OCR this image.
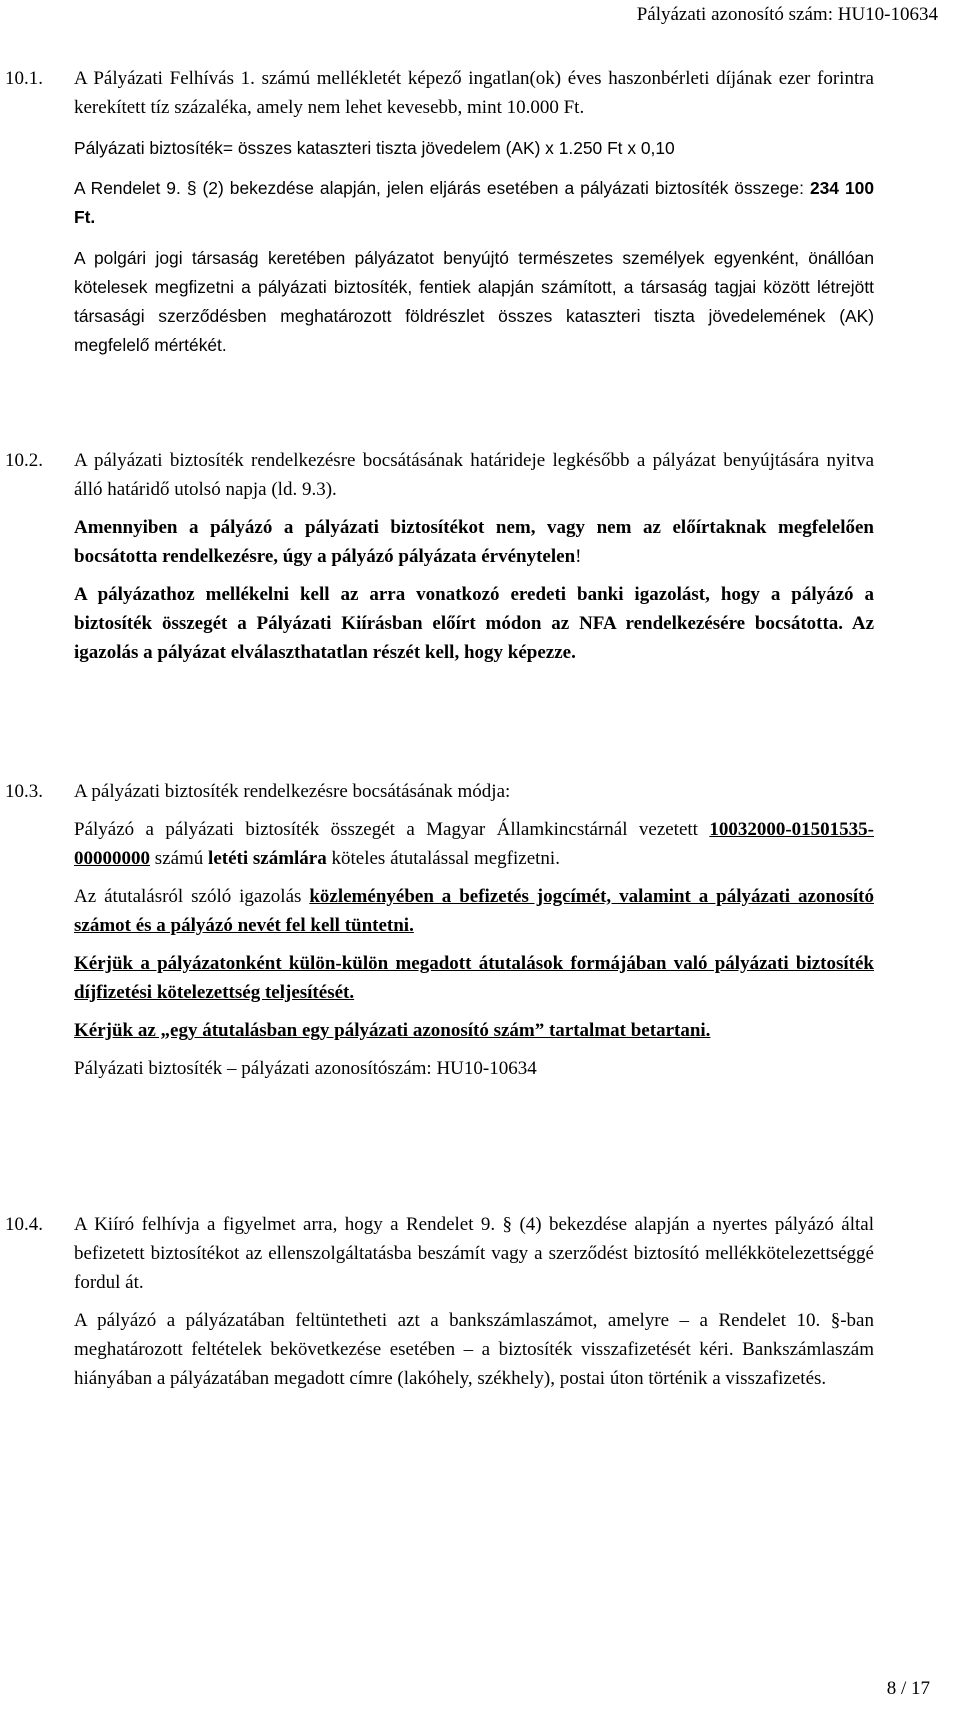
Pályázati azonosító szám: HU10-10634
10.1. A Pályázati Felhívás 1. számú mellékletét képező ingatlan(ok) éves haszonbérleti díjának ezer forintra kerekített tíz százaléka, amely nem lehet kevesebb, mint 10.000 Ft.

Pályázati biztosíték= összes kataszteri tiszta jövedelem (AK) x 1.250 Ft x 0,10

A Rendelet 9. § (2) bekezdése alapján, jelen eljárás esetében a pályázati biztosíték összege: 234 100 Ft.

A polgári jogi társaság keretében pályázatot benyújtó természetes személyek egyenként, önállóan kötelesek megfizetni a pályázati biztosíték, fentiek alapján számított, a társaság tagjai között létrejött társasági szerződésben meghatározott földrészlet összes kataszteri tiszta jövedelemének (AK) megfelelő mértékét.

10.2. A pályázati biztosíték rendelkezésre bocsátásának határideje legkésőbb a pályázat benyújtására nyitva álló határidő utolsó napja (ld. 9.3).

Amennyiben a pályázó a pályázati biztosítékot nem, vagy nem az előírtaknak megfelelően bocsátotta rendelkezésre, úgy a pályázó pályázata érvénytelen!

A pályázathoz mellékelni kell az arra vonatkozó eredeti banki igazolást, hogy a pályázó a biztosíték összegét a Pályázati Kiírásban előírt módon az NFA rendelkezésére bocsátotta. Az igazolás a pályázat elválaszthatatlan részét kell, hogy képezze.

10.3. A pályázati biztosíték rendelkezésre bocsátásának módja:

Pályázó a pályázati biztosíték összegét a Magyar Államkincstárnál vezetett 10032000-01501535-00000000 számú letéti számlára köteles átutalással megfizetni.

Az átutalásról szóló igazolás közleményében a befizetés jogcímét, valamint a pályázati azonosító számot és a pályázó nevét fel kell tüntetni.

Kérjük a pályázatonként külön-külön megadott átutalások formájában való pályázati biztosíték díjfizetési kötelezettség teljesítését.

Kérjük az „egy átutalásban egy pályázati azonosító szám” tartalmat betartani.

Pályázati biztosíték – pályázati azonosítószám: HU10-10634

10.4. A Kiíró felhívja a figyelmet arra, hogy a Rendelet 9. § (4) bekezdése alapján a nyertes pályázó által befizetett biztosítékot az ellenszolgáltatásba beszámít vagy a szerződést biztosító mellékkötelezettséggé fordul át.

A pályázó a pályázatában feltüntetheti azt a bankszámlaszámot, amelyre – a Rendelet 10. §-ban meghatározott feltételek bekövetkezése esetében – a biztosíték visszafizetését kéri. Bankszámlaszám hiányában a pályázatában megadott címre (lakóhely, székhely), postai úton történik a visszafizetés.

8 / 17
